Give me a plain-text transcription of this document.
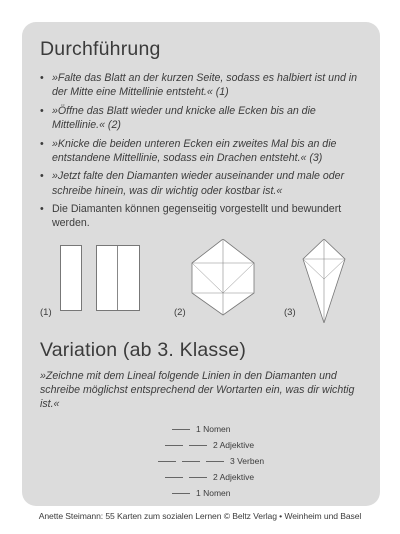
Durchführung
• »Falte das Blatt an der kurzen Seite, sodass es halbiert ist und in der Mitte eine Mittellinie entsteht.« (1)
• »Öffne das Blatt wieder und knicke alle Ecken bis an die Mittellinie.« (2)
• »Knicke die beiden unteren Ecken ein zweites Mal bis an die entstandene Mittellinie, sodass ein Drachen entsteht.« (3)
• »Jetzt falte den Diamanten wieder auseinander und male oder schreibe hinein, was dir wichtig oder kostbar ist.«
• Die Diamanten können gegenseitig vorgestellt und bewundert werden.
(1)	(2)	(3)
Variation (ab 3. Klasse)

»Zeichne mit dem Lineal folgende Linien in den Diamanten und schreibe möglichst entsprechend der Wortarten ein, was dir wichtig ist.«

1 Nomen
2 Adjektive
3 Verben
2 Adjektive
1 Nomen
Anette Steimann: 55 Karten zum sozialen Lernen © Beltz Verlag • Weinheim und Basel
